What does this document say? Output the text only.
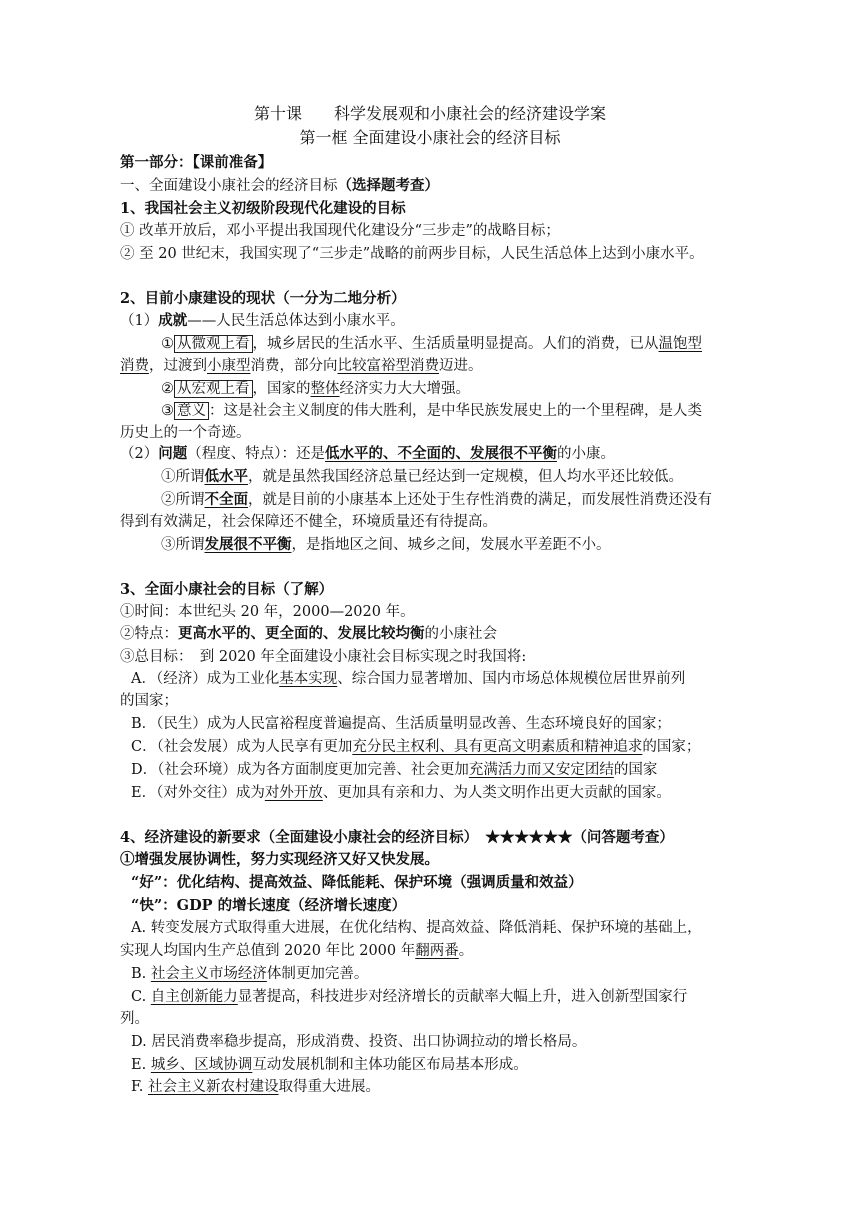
第十课　　科学发展观和小康社会的经济建设学案
第一框 全面建设小康社会的经济目标
第一部分：【课前准备】
一、全面建设小康社会的经济目标（选择题考查）
1、我国社会主义初级阶段现代化建设的目标
① 改革开放后，邓小平提出我国现代化建设分“三步走”的战略目标；
② 至 20 世纪末，我国实现了“三步走”战略的前两步目标，人民生活总体上达到小康水平。
2、目前小康建设的现状（一分为二地分析）
（1）成就——人民生活总体达到小康水平。
① 从微观上看 ，城乡居民的生活水平、生活质量明显提高。人们的消费，已从温饱型
消费，过渡到小康型消费，部分向比较富裕型消费迈进。
② 从宏观上看 ，国家的整体经济实力大大增强。
③ 意义 ：这是社会主义制度的伟大胜利，是中华民族发展史上的一个里程碑，是人类
历史上的一个奇迹。
（2）问题（程度、特点）：还是低水平的、不全面的、发展很不平衡的小康。
①所谓低水平，就是虽然我国经济总量已经达到一定规模，但人均水平还比较低。
②所谓不全面，就是目前的小康基本上还处于生存性消费的满足，而发展性消费还没有
得到有效满足，社会保障还不健全，环境质量还有待提高。
③所谓发展很不平衡，是指地区之间、城乡之间，发展水平差距不小。
3、全面小康社会的目标（了解）
①时间：本世纪头 20 年，2000—2020 年。
②特点：更高水平的、更全面的、发展比较均衡的小康社会
③总目标：　到 2020 年全面建设小康社会目标实现之时我国将:
A．（经济）成为工业化基本实现、综合国力显著增加、国内市场总体规模位居世界前列
的国家；
B．（民生）成为人民富裕程度普遍提高、生活质量明显改善、生态环境良好的国家；
C．（社会发展）成为人民享有更加充分民主权利、具有更高文明素质和精神追求的国家；
D．（社会环境）成为各方面制度更加完善、社会更加充满活力而又安定团结的国家
E．（对外交往）成为对外开放、更加具有亲和力、为人类文明作出更大贡献的国家。
4、经济建设的新要求（全面建设小康社会的经济目标）　★★★★★★（问答题考查）
①增强发展协调性，努力实现经济又好又快发展。
“好”：优化结构、提高效益、降低能耗、保护环境（强调质量和效益）
“快”：GDP 的增长速度（经济增长速度）
A. 转变发展方式取得重大进展，在优化结构、提高效益、降低消耗、保护环境的基础上，
实现人均国内生产总值到 2020 年比 2000 年翻两番。
B. 社会主义市场经济体制更加完善。
C. 自主创新能力显著提高，科技进步对经济增长的贡献率大幅上升，进入创新型国家行
列。
D. 居民消费率稳步提高，形成消费、投资、出口协调拉动的增长格局。
E. 城乡、区域协调互动发展机制和主体功能区布局基本形成。
F. 社会主义新农村建设取得重大进展。
